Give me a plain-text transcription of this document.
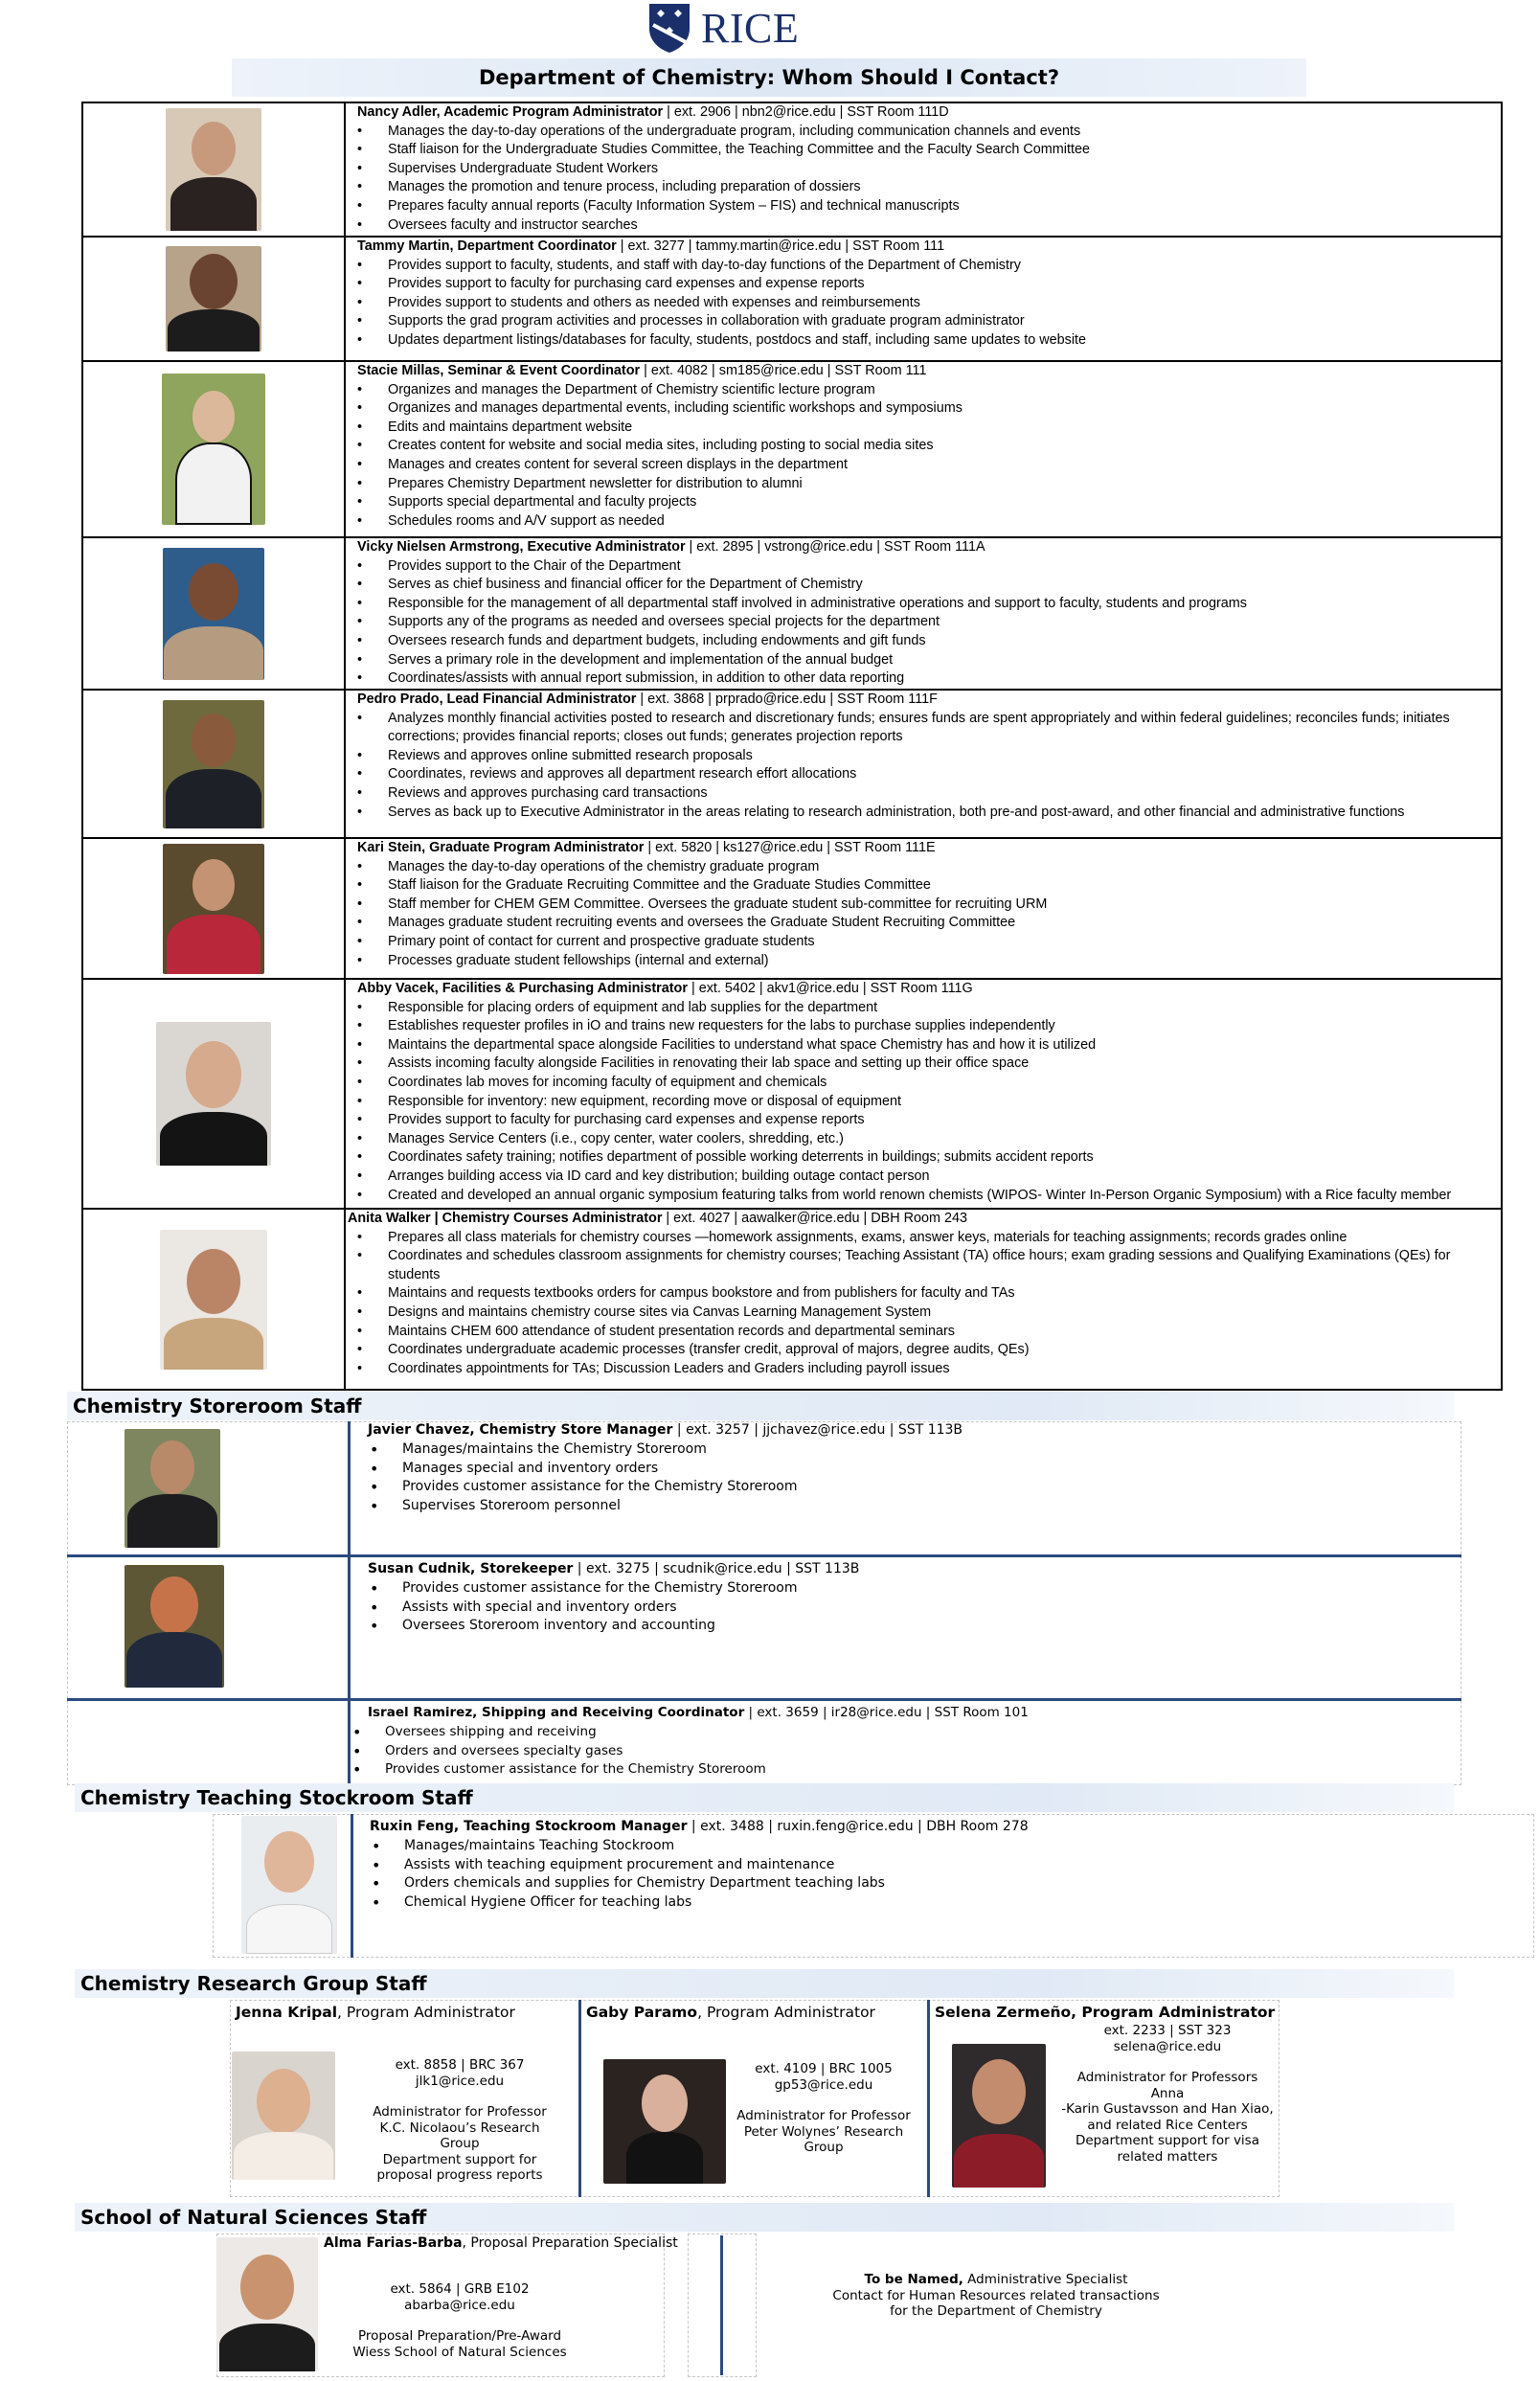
RICE
Department of Chemistry: Whom Should I Contact?
Nancy Adler, Academic Program Administrator | ext. 2906 | nbn2@rice.edu | SST Room 111D
• Manages the day-to-day operations of the undergraduate program, including communication channels and events
• Staff liaison for the Undergraduate Studies Committee, the Teaching Committee and the Faculty Search Committee
• Supervises Undergraduate Student Workers
• Manages the promotion and tenure process, including preparation of dossiers
• Prepares faculty annual reports (Faculty Information System – FIS) and technical manuscripts
• Oversees faculty and instructor searches
Tammy Martin, Department Coordinator | ext. 3277 | tammy.martin@rice.edu | SST Room 111
• Provides support to faculty, students, and staff with day-to-day functions of the Department of Chemistry
• Provides support to faculty for purchasing card expenses and expense reports
• Provides support to students and others as needed with expenses and reimbursements
• Supports the grad program activities and processes in collaboration with graduate program administrator
• Updates department listings/databases for faculty, students, postdocs and staff, including same updates to website
Stacie Millas, Seminar & Event Coordinator | ext. 4082 | sm185@rice.edu | SST Room 111
• Organizes and manages the Department of Chemistry scientific lecture program
• Organizes and manages departmental events, including scientific workshops and symposiums
• Edits and maintains department website
• Creates content for website and social media sites, including posting to social media sites
• Manages and creates content for several screen displays in the department
• Prepares Chemistry Department newsletter for distribution to alumni
• Supports special departmental and faculty projects
• Schedules rooms and A/V support as needed
Vicky Nielsen Armstrong, Executive Administrator | ext. 2895 | vstrong@rice.edu | SST Room 111A
• Provides support to the Chair of the Department
• Serves as chief business and financial officer for the Department of Chemistry
• Responsible for the management of all departmental staff involved in administrative operations and support to faculty, students and programs
• Supports any of the programs as needed and oversees special projects for the department
• Oversees research funds and department budgets, including endowments and gift funds
• Serves a primary role in the development and implementation of the annual budget
• Coordinates/assists with annual report submission, in addition to other data reporting
Pedro Prado, Lead Financial Administrator | ext. 3868 | prprado@rice.edu | SST Room 111F
• Analyzes monthly financial activities posted to research and discretionary funds; ensures funds are spent appropriately and within federal guidelines; reconciles funds; initiates corrections; provides financial reports; closes out funds; generates projection reports
• Reviews and approves online submitted research proposals
• Coordinates, reviews and approves all department research effort allocations
• Reviews and approves purchasing card transactions
• Serves as back up to Executive Administrator in the areas relating to research administration, both pre-and post-award, and other financial and administrative functions
Kari Stein, Graduate Program Administrator | ext. 5820 | ks127@rice.edu | SST Room 111E
• Manages the day-to-day operations of the chemistry graduate program
• Staff liaison for the Graduate Recruiting Committee and the Graduate Studies Committee
• Staff member for CHEM GEM Committee. Oversees the graduate student sub-committee for recruiting URM
• Manages graduate student recruiting events and oversees the Graduate Student Recruiting Committee
• Primary point of contact for current and prospective graduate students
• Processes graduate student fellowships (internal and external)
Abby Vacek, Facilities & Purchasing Administrator | ext. 5402 | akv1@rice.edu | SST Room 111G
• Responsible for placing orders of equipment and lab supplies for the department
• Establishes requester profiles in iO and trains new requesters for the labs to purchase supplies independently
• Maintains the departmental space alongside Facilities to understand what space Chemistry has and how it is utilized
• Assists incoming faculty alongside Facilities in renovating their lab space and setting up their office space
• Coordinates lab moves for incoming faculty of equipment and chemicals
• Responsible for inventory: new equipment, recording move or disposal of equipment
• Provides support to faculty for purchasing card expenses and expense reports
• Manages Service Centers (i.e., copy center, water coolers, shredding, etc.)
• Coordinates safety training; notifies department of possible working deterrents in buildings; submits accident reports
• Arranges building access via ID card and key distribution; building outage contact person
• Created and developed an annual organic symposium featuring talks from world renown chemists (WIPOS- Winter In-Person Organic Symposium) with a Rice faculty member
Anita Walker | Chemistry Courses Administrator | ext. 4027 | aawalker@rice.edu | DBH Room 243
• Prepares all class materials for chemistry courses —homework assignments, exams, answer keys, materials for teaching assignments; records grades online
• Coordinates and schedules classroom assignments for chemistry courses; Teaching Assistant (TA) office hours; exam grading sessions and Qualifying Examinations (QEs) for students
• Maintains and requests textbooks orders for campus bookstore and from publishers for faculty and TAs
• Designs and maintains chemistry course sites via Canvas Learning Management System
• Maintains CHEM 600 attendance of student presentation records and departmental seminars
• Coordinates undergraduate academic processes (transfer credit, approval of majors, degree audits, QEs)
• Coordinates appointments for TAs; Discussion Leaders and Graders including payroll issues
Chemistry Storeroom Staff
Javier Chavez, Chemistry Store Manager | ext. 3257 | jjchavez@rice.edu | SST 113B
• Manages/maintains the Chemistry Storeroom
• Manages special and inventory orders
• Provides customer assistance for the Chemistry Storeroom
• Supervises Storeroom personnel
Susan Cudnik, Storekeeper | ext. 3275 | scudnik@rice.edu | SST 113B
• Provides customer assistance for the Chemistry Storeroom
• Assists with special and inventory orders
• Oversees Storeroom inventory and accounting
Israel Ramirez, Shipping and Receiving Coordinator | ext. 3659 | ir28@rice.edu | SST Room 101
• Oversees shipping and receiving
• Orders and oversees specialty gases
• Provides customer assistance for the Chemistry Storeroom
Chemistry Teaching Stockroom Staff
Ruxin Feng, Teaching Stockroom Manager | ext. 3488 | ruxin.feng@rice.edu | DBH Room 278
• Manages/maintains Teaching Stockroom
• Assists with teaching equipment procurement and maintenance
• Orders chemicals and supplies for Chemistry Department teaching labs
• Chemical Hygiene Officer for teaching labs
Chemistry Research Group Staff
Jenna Kripal, Program Administrator
ext. 8858 | BRC 367
jlk1@rice.edu
Administrator for Professor
K.C. Nicolaou’s Research
Group
Department support for
proposal progress reports
Gaby Paramo, Program Administrator
ext. 4109 | BRC 1005
gp53@rice.edu
Administrator for Professor
Peter Wolynes’ Research
Group
Selena Zermeño, Program Administrator
ext. 2233 | SST 323
selena@rice.edu
Administrator for Professors Anna
-Karin Gustavsson and Han Xiao,
and related Rice Centers
Department support for visa
related matters
School of Natural Sciences Staff
Alma Farias-Barba, Proposal Preparation Specialist
ext. 5864 | GRB E102
abarba@rice.edu
Proposal Preparation/Pre-Award
Wiess School of Natural Sciences
To be Named, Administrative Specialist
Contact for Human Resources related transactions
for the Department of Chemistry
